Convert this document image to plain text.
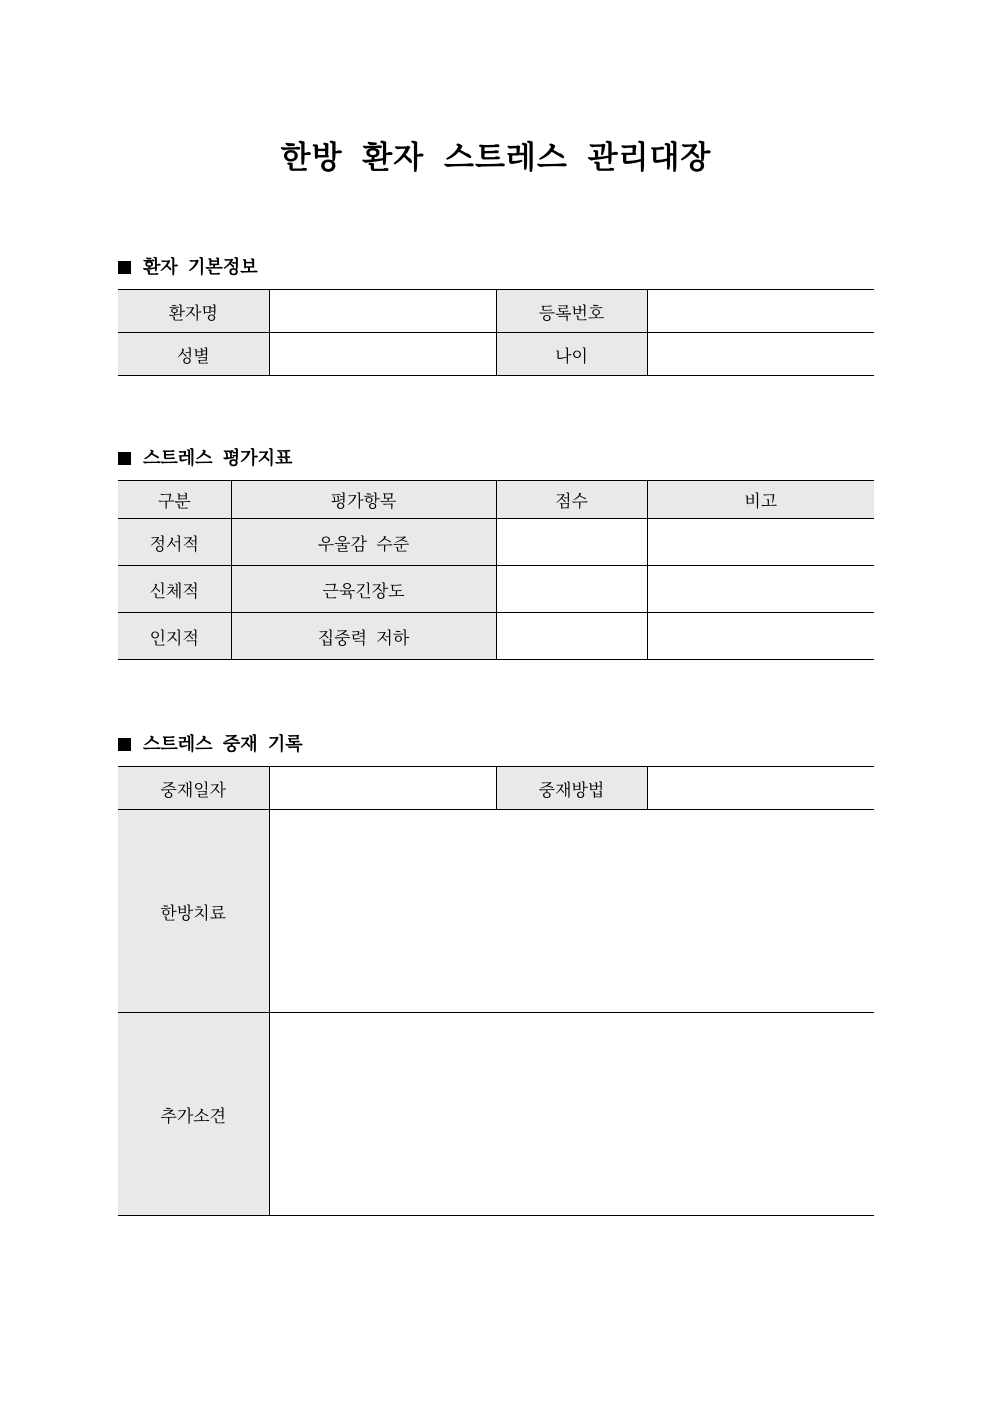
한방 환자 스트레스 관리대장
환자 기본정보
환자명		등록번호	
성별		나이	
스트레스 평가지표
구분	평가항목	점수	비고
정서적	우울감 수준		
신체적	근육긴장도		
인지적	집중력 저하		
스트레스 중재 기록
중재일자		중재방법	
한방치료			
추가소견			
